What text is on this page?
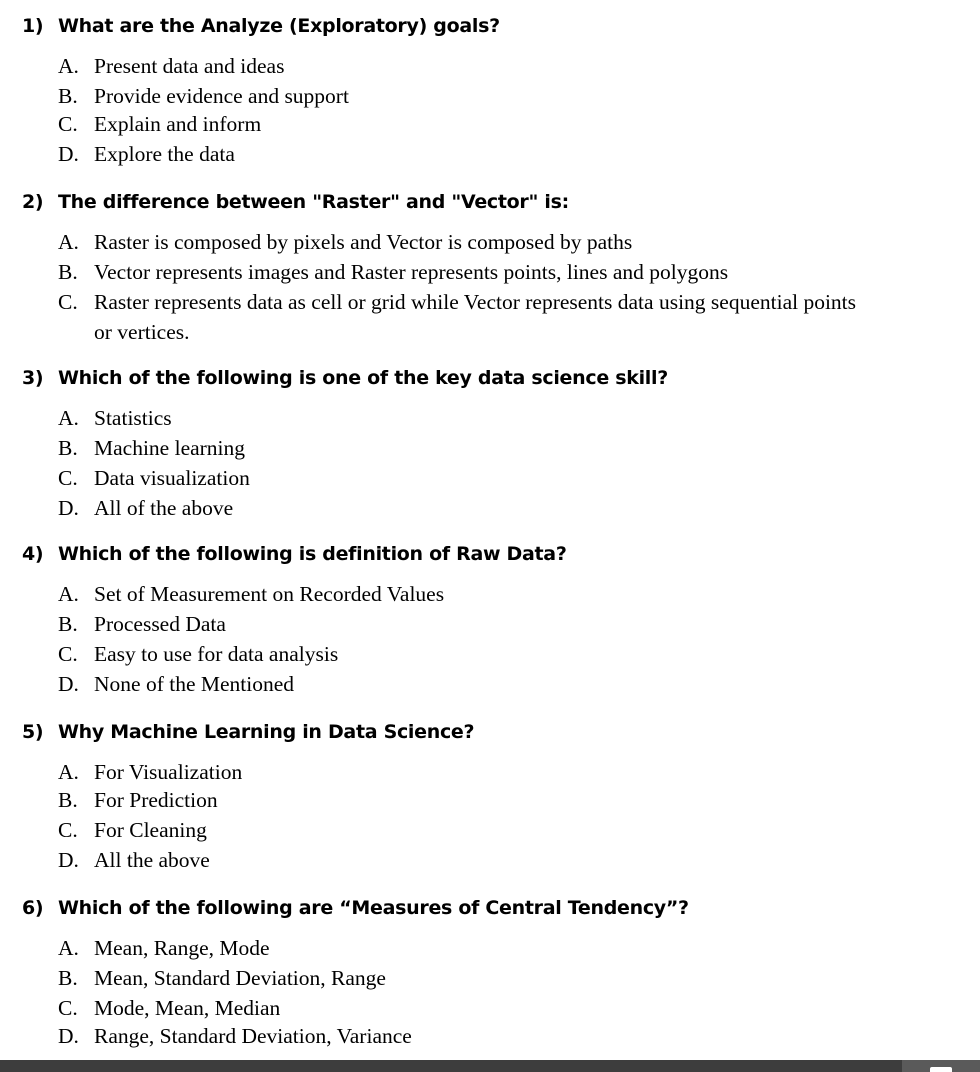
1) What are the Analyze (Exploratory) goals?
A. Present data and ideas
B. Provide evidence and support
C. Explain and inform
D. Explore the data
2) The difference between "Raster" and "Vector" is:
A. Raster is composed by pixels and Vector is composed by paths
B. Vector represents images and Raster represents points, lines and polygons
C. Raster represents data as cell or grid while Vector represents data using sequential points
or vertices.
3) Which of the following is one of the key data science skill?
A. Statistics
B. Machine learning
C. Data visualization
D. All of the above
4) Which of the following is definition of Raw Data?
A. Set of Measurement on Recorded Values
B. Processed Data
C. Easy to use for data analysis
D. None of the Mentioned
5) Why Machine Learning in Data Science?
A. For Visualization
B. For Prediction
C. For Cleaning
D. All the above
6) Which of the following are “Measures of Central Tendency”?
A. Mean, Range, Mode
B. Mean, Standard Deviation, Range
C. Mode, Mean, Median
D. Range, Standard Deviation, Variance
